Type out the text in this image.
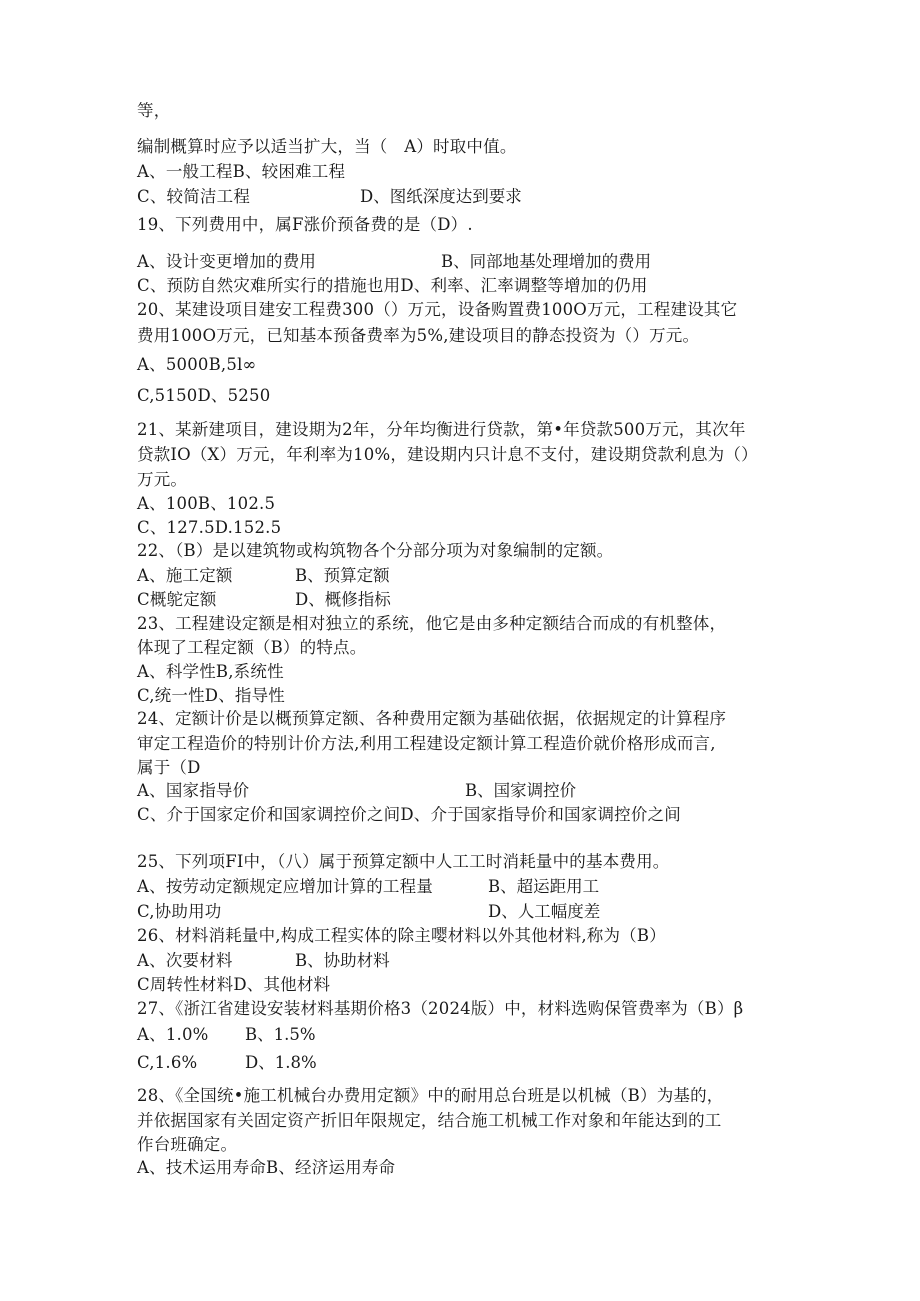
等，
编制概算时应予以适当扩大，当（　A）时取中值。
A、一般工程B、较困难工程
C、较简洁工程	D、图纸深度达到要求
19、下列费用中，属F涨价预备费的是（D）.
A、设计变更增加的费用	B、同部地基处理增加的费用
C、预防自然灾难所实行的措施也用D、利率、汇率调整等增加的仍用
20、某建设项目建安工程费300（）万元，设备购置费100O万元，工程建设其它
费用100O万元，已知基本预备费率为5%,建设项目的静态投资为（）万元。
A、5000B,5l∞
C,5150D、5250
21、某新建项目，建设期为2年，分年均衡进行贷款，第•年贷款500万元，其次年
贷款IO（X）万元，年利率为10%，建设期内只计息不支付，建设期贷款利息为（）
万元。
A、100B、102.5
C、127.5D.152.5
22、（B）是以建筑物或构筑物各个分部分项为对象编制的定额。
A、施工定额	B、预算定额
C概鸵定额	D、概修指标
23、工程建设定额是相对独立的系统，他它是由多种定额结合而成的有机整体，
体现了工程定额（B）的特点。
A、科学性B,系统性
C,统一性D、指导性
24、定额计价是以概预算定额、各种费用定额为基础依据，依据规定的计算程序
审定工程造价的特别计价方法,利用工程建设定额计算工程造价就价格形成而言,
属于（D
A、国家指导价	B、国家调控价
C、介于国家定价和国家调控价之间D、介于国家指导价和国家调控价之间
25、下列项FI中，（八）属于预算定额中人工工时消耗量中的基本费用。
A、按劳动定额规定应增加计算的工程量	B、超运距用工
C,协助用功	D、人工幅度差
26、材料消耗量中,构成工程实体的除主嘤材料以外其他材料,称为（B）
A、次要材料	B、协助材料
C周转性材料D、其他材料
27、《浙江省建设安装材料基期价格3（2024版）中，材料选购保管费率为（B）β
A、1.0% B、1.5%
C,1.6%	D、1.8%
28、《全国统•施工机械台办费用定额》中的耐用总台班是以机械（B）为基的，
并依据国家有关固定资产折旧年限规定，结合施工机械工作对象和年能达到的工
作台班确定。
A、技术运用寿命B、经济运用寿命
